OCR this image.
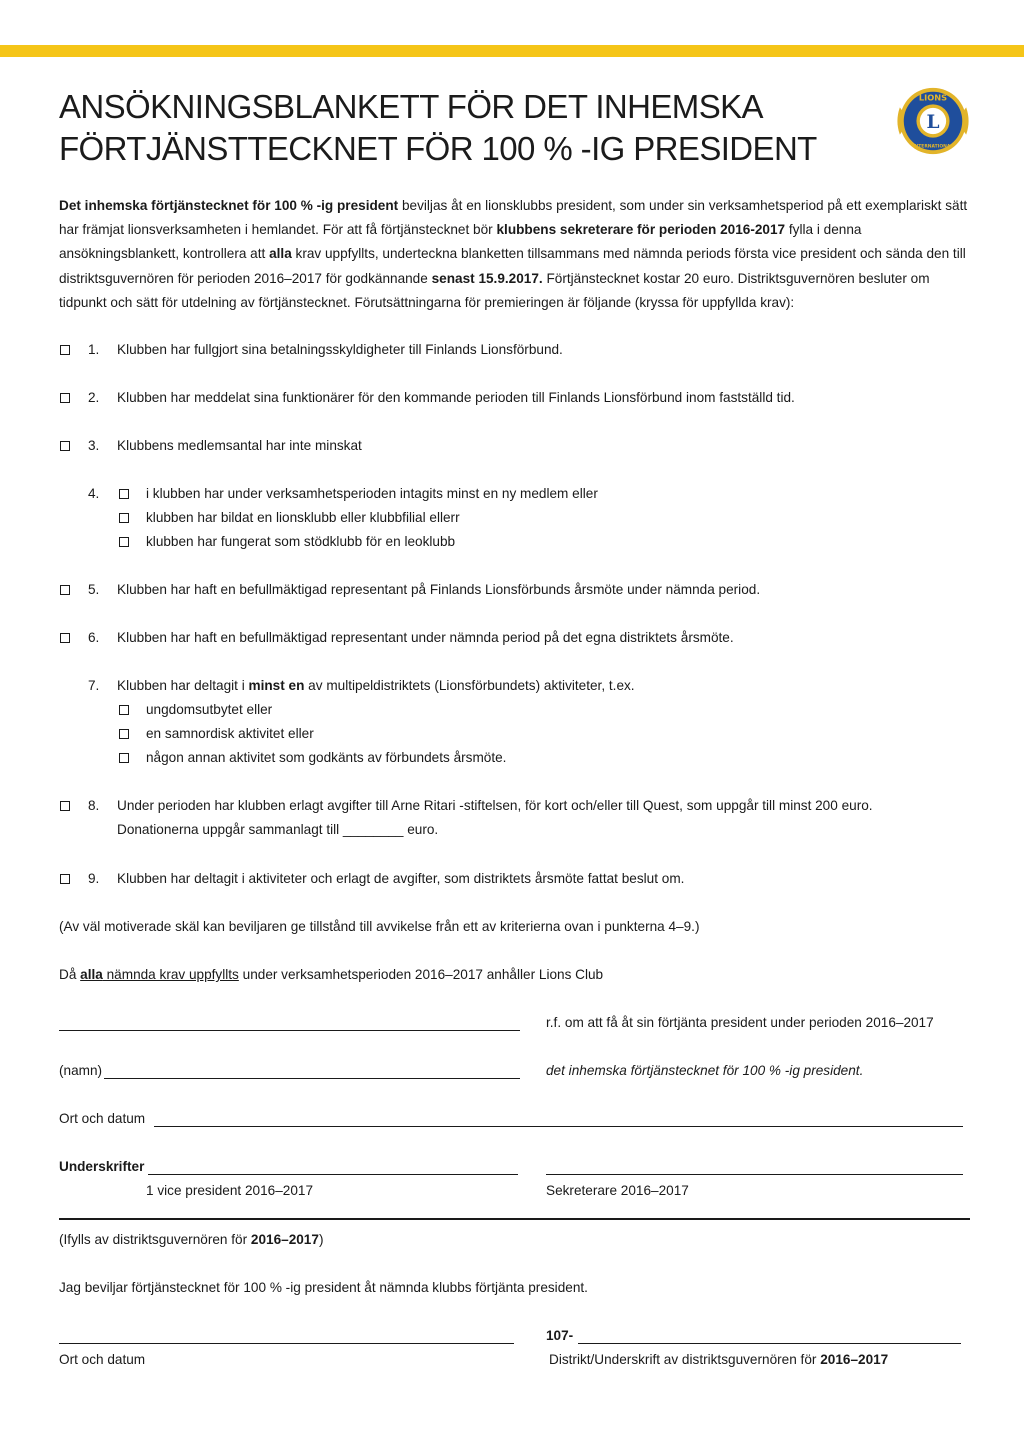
ANSÖKNINGSBLANKETT FÖR DET INHEMSKA
FÖRTJÄNSTTECKNET FÖR 100 % -IG PRESIDENT
L
LIONS
INTERNATIONAL

Det inhemska förtjänstecknet för 100 % -ig president beviljas åt en lionsklubbs president, som under sin verksamhetsperiod på ett exemplariskt sätt har främjat lionsverksamheten i hemlandet. För att få förtjänstecknet bör klubbens sekreterare för perioden 2016-2017 fylla i denna ansökningsblankett, kontrollera att alla krav uppfyllts, underteckna blanketten tillsammans med nämnda periods första vice president och sända den till distriktsguvernören för perioden 2016–2017 för godkännande senast 15.9.2017. Förtjänstecknet kostar 20 euro. Distriktsguvernören besluter om tidpunkt och sätt för utdelning av förtjänstecknet. Förutsättningarna för premieringen är följande (kryssa för uppfyllda krav):

1. Klubben har fullgjort sina betalningsskyldigheter till Finlands Lionsförbund.
2. Klubben har meddelat sina funktionärer för den kommande perioden till Finlands Lionsförbund inom fastställd tid.
3. Klubbens medlemsantal har inte minskat
4.	i klubben har under verksamhetsperioden intagits minst en ny medlem eller
klubben har bildat en lionsklubb eller klubbfilial ellerr
klubben har fungerat som stödklubb för en leoklubb
5. Klubben har haft en befullmäktigad representant på Finlands Lionsförbunds årsmöte under nämnda period.
6. Klubben har haft en befullmäktigad representant under nämnda period på det egna distriktets årsmöte.
7. Klubben har deltagit i minst en av multipeldistriktets (Lionsförbundets) aktiviteter, t.ex.
ungdomsutbytet eller
en samnordisk aktivitet eller
någon annan aktivitet som godkänts av förbundets årsmöte.
8. Under perioden har klubben erlagt avgifter till Arne Ritari -stiftelsen, för kort och/eller till Quest, som uppgår till minst 200 euro.
Donationerna uppgår sammanlagt till ________ euro.
9. Klubben har deltagit i aktiviteter och erlagt de avgifter, som distriktets årsmöte fattat beslut om.
(Av väl motiverade skäl kan beviljaren ge tillstånd till avvikelse från ett av kriterierna ovan i punkterna 4–9.)
Då alla nämnda krav uppfyllts under verksamhetsperioden 2016–2017 anhåller Lions Club
r.f. om att få åt sin förtjänta president under perioden 2016–2017
(namn)	det inhemska förtjänstecknet för 100 % -ig president.
Ort och datum
Underskrifter
1 vice president 2016–2017	Sekreterare 2016–2017
(Ifylls av distriktsguvernören för 2016–2017)
Jag beviljar förtjänstecknet för 100 % -ig president åt nämnda klubbs förtjänta president.
107-
Ort och datum	Distrikt/Underskrift av distriktsguvernören för 2016–2017
